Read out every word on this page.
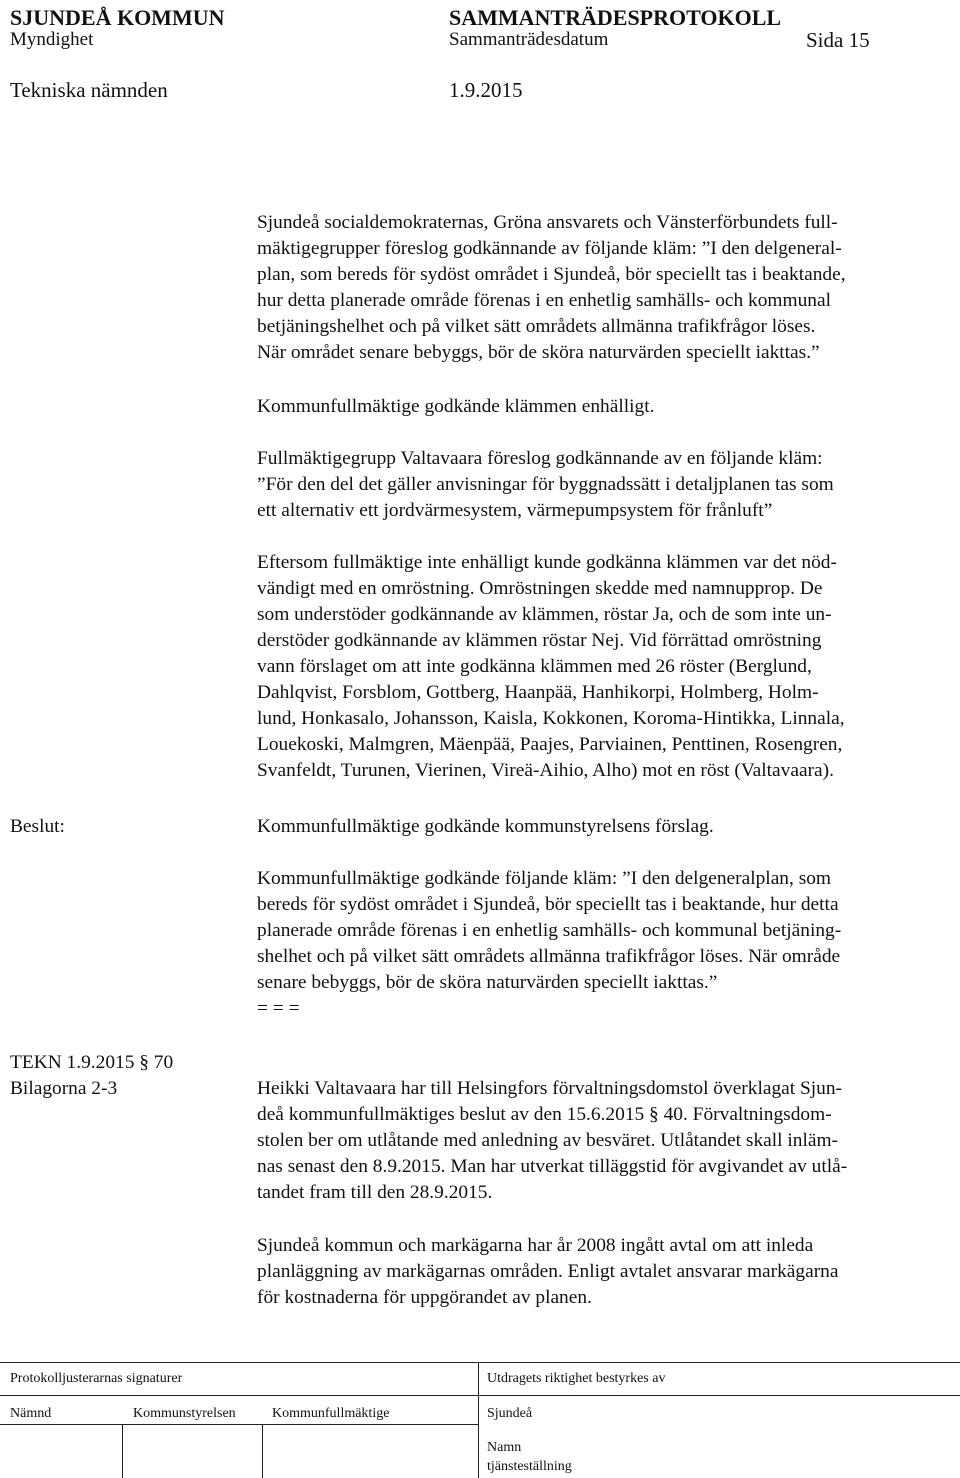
SJUNDEÅ KOMMUN	SAMMANTRÄDESPROTOKOLL
Myndighet	Sammanträdesdatum	Sida 15
Tekniska nämnden	1.9.2015
Sjundeå socialdemokraternas, Gröna ansvarets och Vänsterförbundets full-
mäktigegrupper föreslog godkännande av följande kläm: ”I den delgeneral-
plan, som bereds för sydöst området i Sjundeå, bör speciellt tas i beaktande,
hur detta planerade område förenas i en enhetlig samhälls- och kommunal
betjäningshelhet och på vilket sätt områdets allmänna trafikfrågor löses.
När området senare bebyggs, bör de sköra naturvärden speciellt iakttas.”
Kommunfullmäktige godkände klämmen enhälligt.
Fullmäktigegrupp Valtavaara föreslog godkännande av en följande kläm:
”För den del det gäller anvisningar för byggnadssätt i detaljplanen tas som
ett alternativ ett jordvärmesystem, värmepumpsystem för frånluft”
Eftersom fullmäktige inte enhälligt kunde godkänna klämmen var det nöd-
vändigt med en omröstning. Omröstningen skedde med namnupprop. De
som understöder godkännande av klämmen, röstar Ja, och de som inte un-
derstöder godkännande av klämmen röstar Nej. Vid förrättad omröstning
vann förslaget om att inte godkänna klämmen med 26 röster (Berglund,
Dahlqvist, Forsblom, Gottberg, Haanpää, Hanhikorpi, Holmberg, Holm-
lund, Honkasalo, Johansson, Kaisla, Kokkonen, Koroma-Hintikka, Linnala,
Louekoski, Malmgren, Mäenpää, Paajes, Parviainen, Penttinen, Rosengren,
Svanfeldt, Turunen, Vierinen, Vireä-Aihio, Alho) mot en röst (Valtavaara).
Beslut:	Kommunfullmäktige godkände kommunstyrelsens förslag.
Kommunfullmäktige godkände följande kläm: ”I den delgeneralplan, som
bereds för sydöst området i Sjundeå, bör speciellt tas i beaktande, hur detta
planerade område förenas i en enhetlig samhälls- och kommunal betjäning-
shelhet och på vilket sätt områdets allmänna trafikfrågor löses. När område
senare bebyggs, bör de sköra naturvärden speciellt iakttas.”
= = =
TEKN 1.9.2015 § 70
Bilagorna 2-3	Heikki Valtavaara har till Helsingfors förvaltningsdomstol överklagat Sjun-
deå kommunfullmäktiges beslut av den 15.6.2015 § 40. Förvaltningsdom-
stolen ber om utlåtande med anledning av besväret. Utlåtandet skall inläm-
nas senast den 8.9.2015. Man har utverkat tilläggstid för avgivandet av utlå-
tandet fram till den 28.9.2015.
Sjundeå kommun och markägarna har år 2008 ingått avtal om att inleda
planläggning av markägarnas områden. Enligt avtalet ansvarar markägarna
för kostnaderna för uppgörandet av planen.
Protokolljusterarnas signaturer	Utdragets riktighet bestyrkes av
Nämnd	Kommunstyrelsen	Kommunfullmäktige	Sjundeå
Namn
tjänsteställning
